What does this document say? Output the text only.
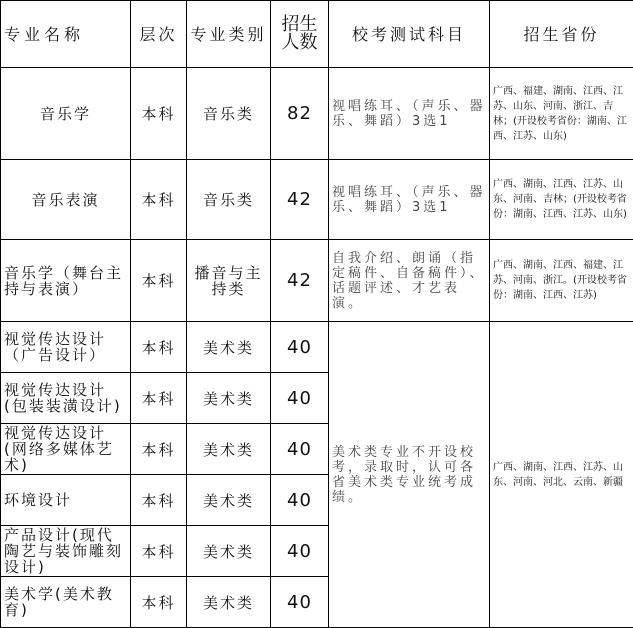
专业名称	层次	专业类别	招生人数	校考测试科目	招生省份
音乐学	本科	音乐类	82	视唱练耳、（声乐、器乐、舞蹈）3选1	广西、福建、湖南、江西、江苏、山东、河南、浙江、吉林；(开设校考省份：湖南、江西、江苏、山东)
音乐表演	本科	音乐类	42	视唱练耳、（声乐、器乐、舞蹈）3选1	广西、湖南、江西、江苏、山东、河南、吉林；(开设校考省份：湖南、江西、江苏、山东)
音乐学（舞台主持与表演）	本科	播音与主持类	42	自我介绍、朗诵（指定稿件、自备稿件）、话题评述、才艺表演。	广西、湖南、江西、福建、江苏、河南、浙江。(开设校考省份：湖南、江西、江苏)
视觉传达设计（广告设计）	本科	美术类	40	美术类专业不开设校考，录取时，认可各省美术类专业统考成绩。	广西、湖南、江西、江苏、山东、河南、河北、云南、新疆
视觉传达设计(包装装潢设计)	本科	美术类	40		
视觉传达设计(网络多媒体艺术)	本科	美术类	40		
环境设计	本科	美术类	40		
产品设计(现代陶艺与装饰雕刻设计)	本科	美术类	40		
美术学(美术教育)	本科	美术类	40		
